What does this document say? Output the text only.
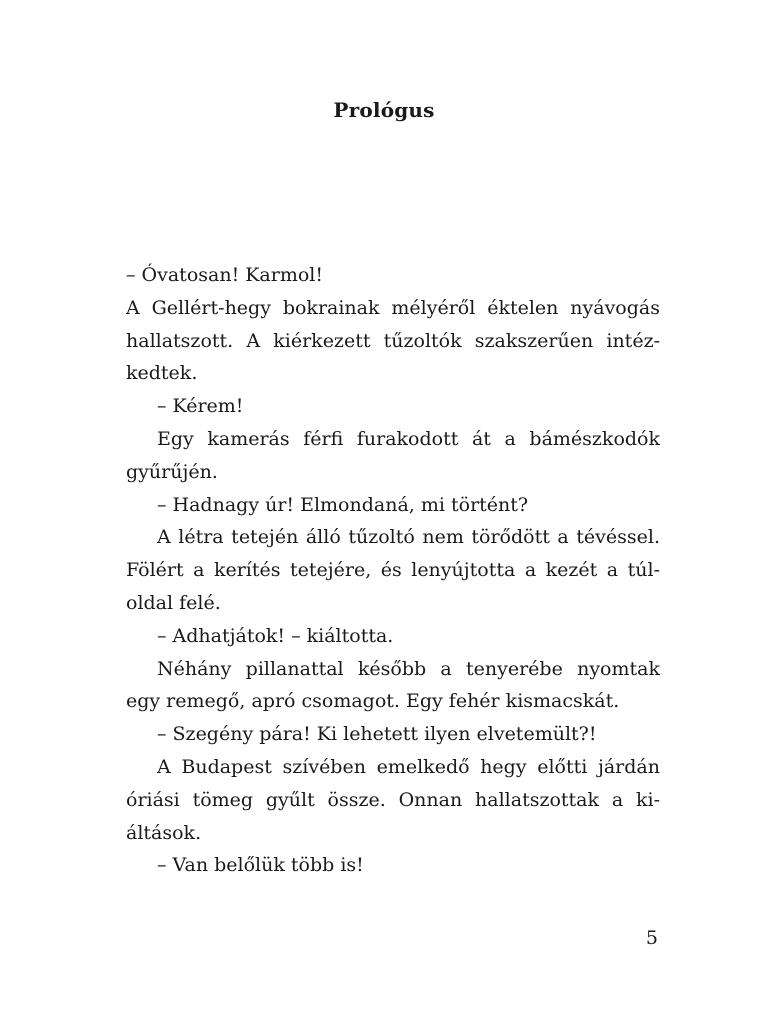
Prológus
– Óvatosan! Karmol!
A Gellért-hegy bokrainak mélyéről éktelen nyávogás
hallatszott. A kiérkezett tűzoltók szakszerűen intéz-
kedtek.
– Kérem!
Egy kamerás férfi furakodott át a bámészkodók
gyűrűjén.
– Hadnagy úr! Elmondaná, mi történt?
A létra tetején álló tűzoltó nem törődött a tévéssel.
Fölért a kerítés tetejére, és lenyújtotta a kezét a túl-
oldal felé.
– Adhatjátok! – kiáltotta.
Néhány pillanattal később a tenyerébe nyomtak
egy remegő, apró csomagot. Egy fehér kismacskát.
– Szegény pára! Ki lehetett ilyen elvetemült?!
A Budapest szívében emelkedő hegy előtti járdán
óriási tömeg gyűlt össze. Onnan hallatszottak a ki-
áltások.
– Van belőlük több is!
5
